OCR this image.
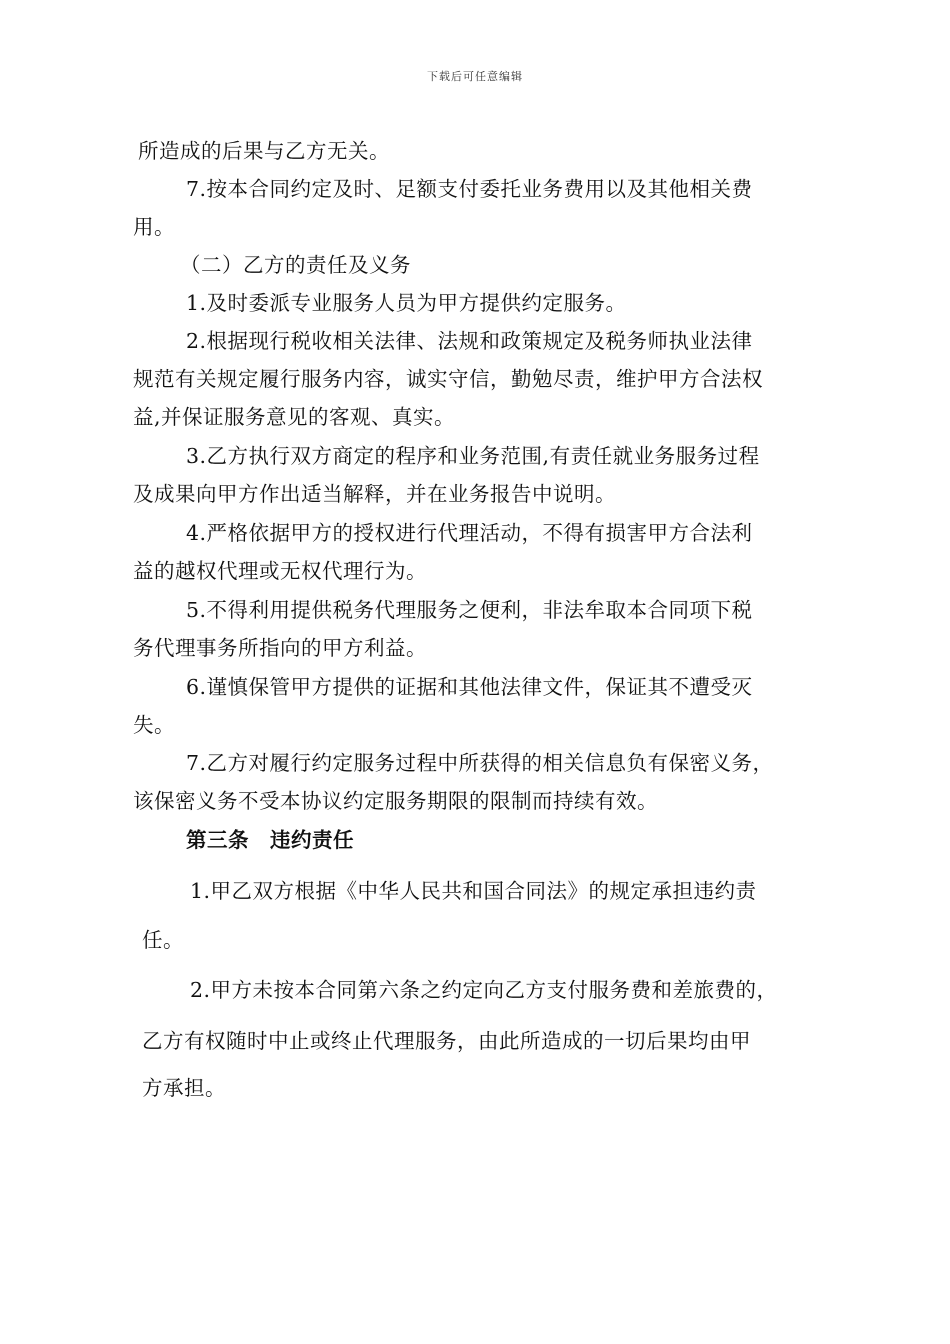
下载后可任意编辑
所造成的后果与乙方无关。
7.按本合同约定及时、足额支付委托业务费用以及其他相关费
用。
（二）乙方的责任及义务
1.及时委派专业服务人员为甲方提供约定服务。
2.根据现行税收相关法律、法规和政策规定及税务师执业法律
规范有关规定履行服务内容，诚实守信，勤勉尽责，维护甲方合法权
益,并保证服务意见的客观、真实。
3.乙方执行双方商定的程序和业务范围,有责任就业务服务过程
及成果向甲方作出适当解释，并在业务报告中说明。
4.严格依据甲方的授权进行代理活动，不得有损害甲方合法利
益的越权代理或无权代理行为。
5.不得利用提供税务代理服务之便利，非法牟取本合同项下税
务代理事务所指向的甲方利益。
6.谨慎保管甲方提供的证据和其他法律文件，保证其不遭受灭
失。
7.乙方对履行约定服务过程中所获得的相关信息负有保密义务，
该保密义务不受本协议约定服务期限的限制而持续有效。
第三条　违约责任
1.甲乙双方根据《中华人民共和国合同法》的规定承担违约责
任。
2.甲方未按本合同第六条之约定向乙方支付服务费和差旅费的，
乙方有权随时中止或终止代理服务，由此所造成的一切后果均由甲
方承担。
